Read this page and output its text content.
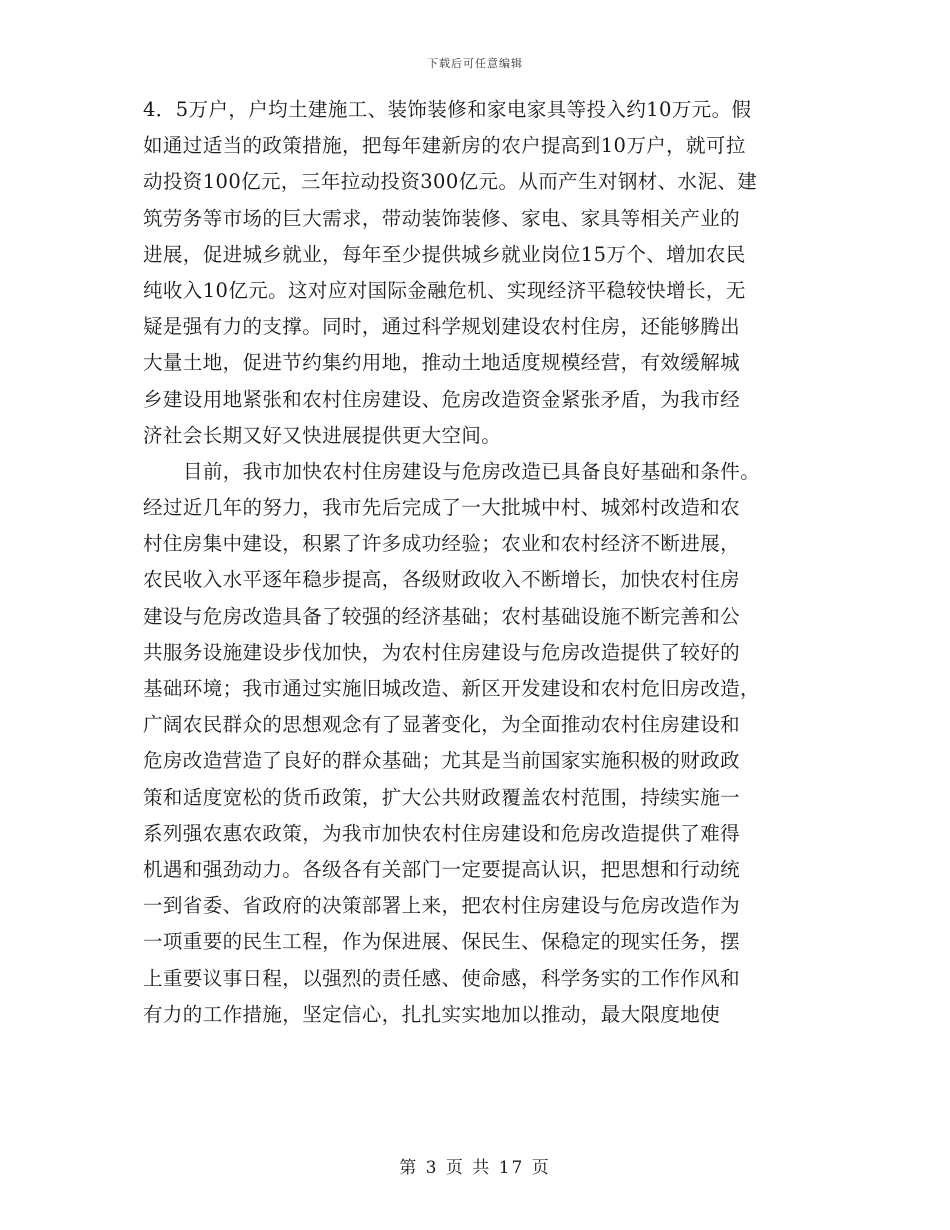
下载后可任意编辑
4．5万户，户均土建施工、装饰装修和家电家具等投入约10万元。假
如通过适当的政策措施，把每年建新房的农户提高到10万户，就可拉
动投资100亿元，三年拉动投资300亿元。从而产生对钢材、水泥、建
筑劳务等市场的巨大需求，带动装饰装修、家电、家具等相关产业的
进展，促进城乡就业，每年至少提供城乡就业岗位15万个、增加农民
纯收入10亿元。这对应对国际金融危机、实现经济平稳较快增长，无
疑是强有力的支撑。同时，通过科学规划建设农村住房，还能够腾出
大量土地，促进节约集约用地，推动土地适度规模经营，有效缓解城
乡建设用地紧张和农村住房建设、危房改造资金紧张矛盾，为我市经
济社会长期又好又快进展提供更大空间。
目前，我市加快农村住房建设与危房改造已具备良好基础和条件。
经过近几年的努力，我市先后完成了一大批城中村、城郊村改造和农
村住房集中建设，积累了许多成功经验；农业和农村经济不断进展，
农民收入水平逐年稳步提高，各级财政收入不断增长，加快农村住房
建设与危房改造具备了较强的经济基础；农村基础设施不断完善和公
共服务设施建设步伐加快，为农村住房建设与危房改造提供了较好的
基础环境；我市通过实施旧城改造、新区开发建设和农村危旧房改造，
广阔农民群众的思想观念有了显著变化，为全面推动农村住房建设和
危房改造营造了良好的群众基础；尤其是当前国家实施积极的财政政
策和适度宽松的货币政策，扩大公共财政覆盖农村范围，持续实施一
系列强农惠农政策，为我市加快农村住房建设和危房改造提供了难得
机遇和强劲动力。各级各有关部门一定要提高认识，把思想和行动统
一到省委、省政府的决策部署上来，把农村住房建设与危房改造作为
一项重要的民生工程，作为保进展、保民生、保稳定的现实任务，摆
上重要议事日程，以强烈的责任感、使命感，科学务实的工作作风和
有力的工作措施，坚定信心，扎扎实实地加以推动，最大限度地使
第 3 页 共 17 页
